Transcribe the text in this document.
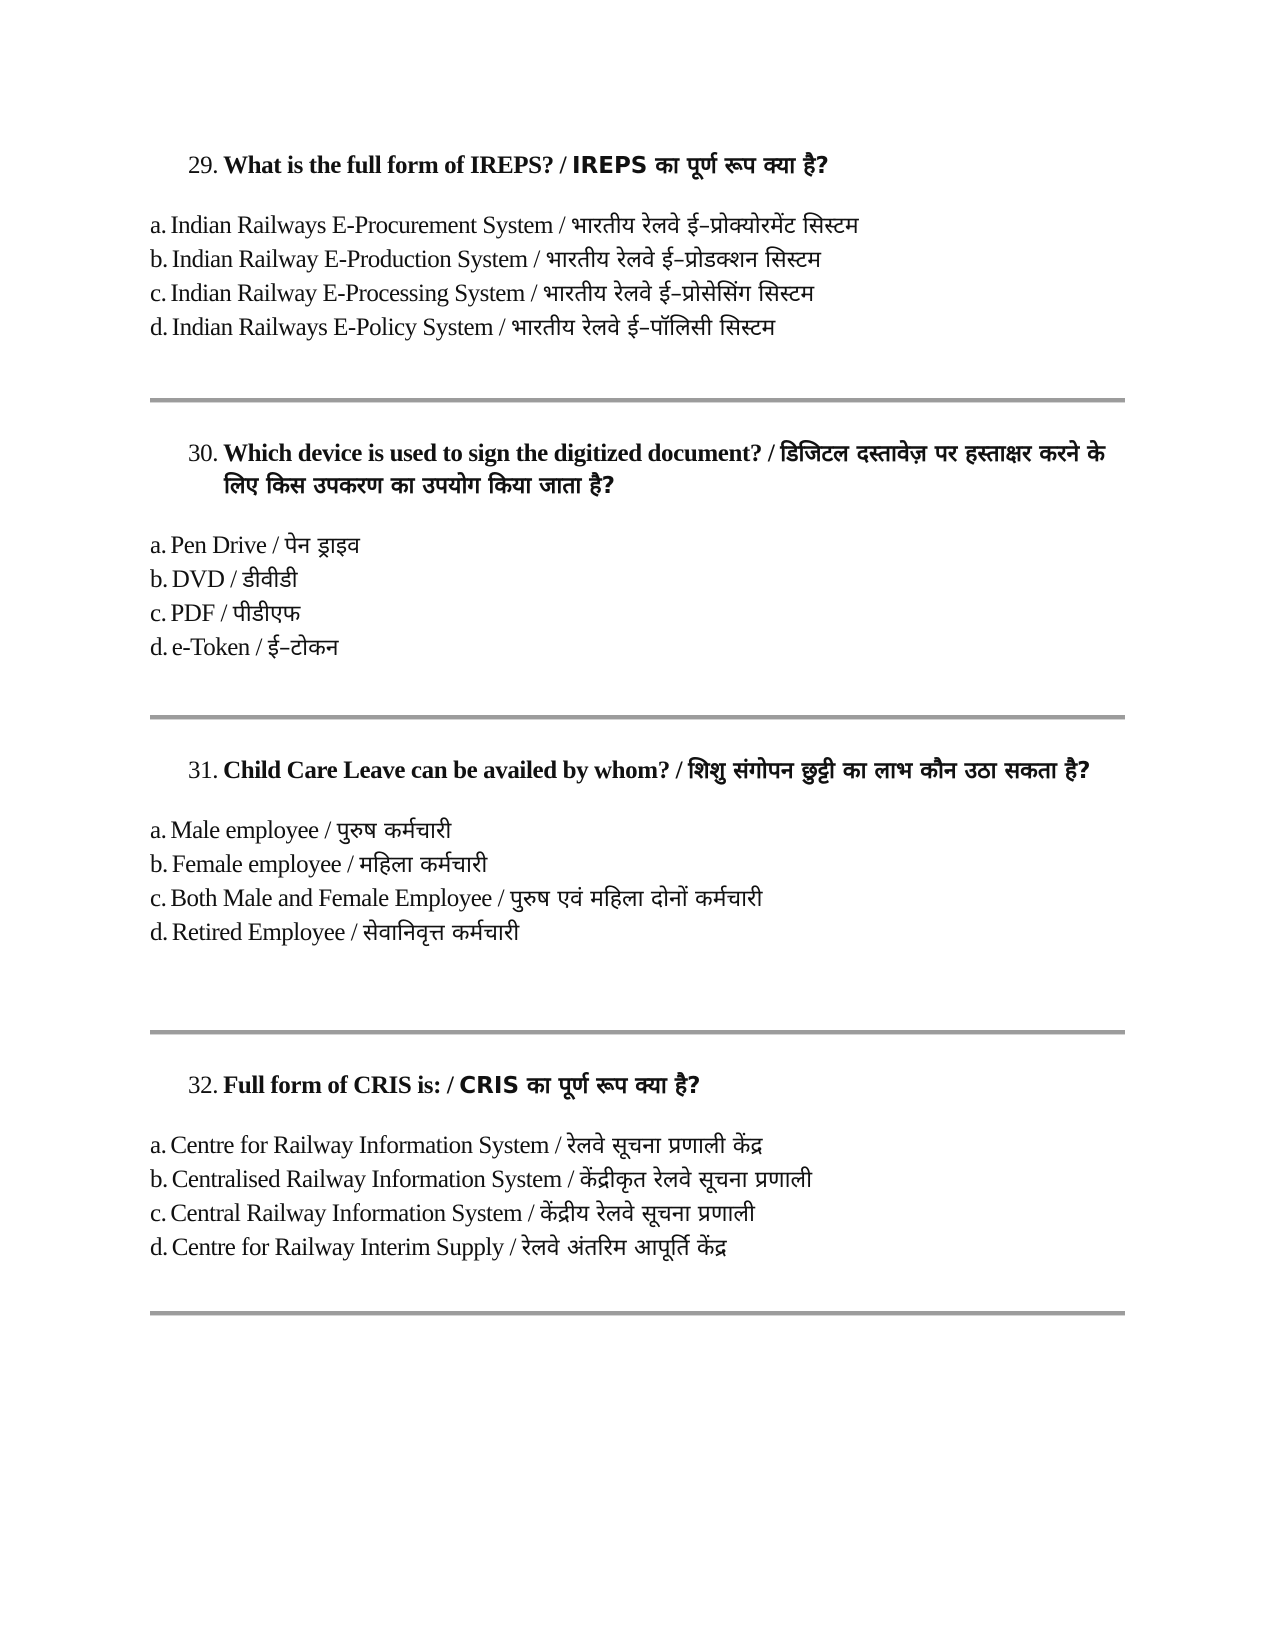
29. What is the full form of IREPS? / IREPS का पूर्ण रूप क्या है?
a. Indian Railways E-Procurement System / भारतीय रेलवे ई–प्रोक्योरमेंट सिस्टम
b. Indian Railway E-Production System / भारतीय रेलवे ई–प्रोडक्शन सिस्टम
c. Indian Railway E-Processing System / भारतीय रेलवे ई–प्रोसेसिंग सिस्टम
d. Indian Railways E-Policy System / भारतीय रेलवे ई–पॉलिसी सिस्टम
30. Which device is used to sign the digitized document? / डिजिटल दस्तावेज़ पर हस्ताक्षर करने के लिए किस उपकरण का उपयोग किया जाता है?
a. Pen Drive / पेन ड्राइव
b. DVD / डीवीडी
c. PDF / पीडीएफ
d. e-Token / ई–टोकन
31. Child Care Leave can be availed by whom? / शिशु संगोपन छुट्टी का लाभ कौन उठा सकता है?
a. Male employee / पुरुष कर्मचारी
b. Female employee / महिला कर्मचारी
c. Both Male and Female Employee / पुरुष एवं महिला दोनों कर्मचारी
d. Retired Employee / सेवानिवृत्त कर्मचारी
32. Full form of CRIS is: / CRIS का पूर्ण रूप क्या है?
a. Centre for Railway Information System / रेलवे सूचना प्रणाली केंद्र
b. Centralised Railway Information System / केंद्रीकृत रेलवे सूचना प्रणाली
c. Central Railway Information System / केंद्रीय रेलवे सूचना प्रणाली
d. Centre for Railway Interim Supply / रेलवे अंतरिम आपूर्ति केंद्र
